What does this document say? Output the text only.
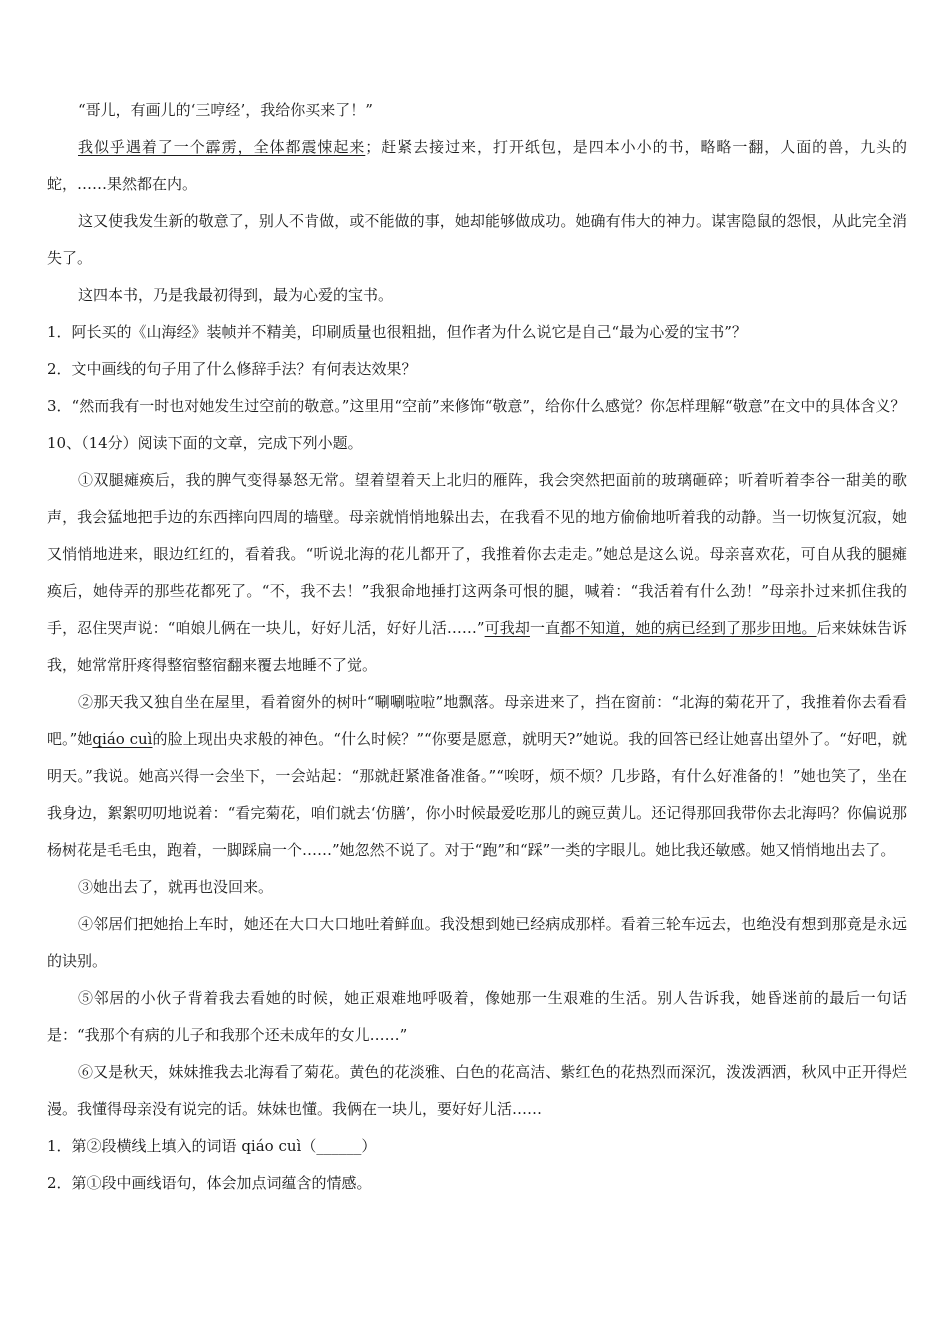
“哥儿，有画儿的‘三哼经’，我给你买来了！”

我似乎遇着了一个霹雳，全体都震悚起来；赶紧去接过来，打开纸包，是四本小小的书，略略一翻，人面的兽，九头的蛇，……果然都在内。

这又使我发生新的敬意了，别人不肯做，或不能做的事，她却能够做成功。她确有伟大的神力。谋害隐鼠的怨恨，从此完全消失了。

这四本书，乃是我最初得到，最为心爱的宝书。

1．阿长买的《山海经》装帧并不精美，印刷质量也很粗拙，但作者为什么说它是自己“最为心爱的宝书”？

2．文中画线的句子用了什么修辞手法？有何表达效果？

3．“然而我有一时也对她发生过空前的敬意。”这里用“空前”来修饰“敬意”，给你什么感觉？你怎样理解“敬意”在文中的具体含义？

10、（14分）阅读下面的文章，完成下列小题。

①双腿瘫痪后，我的脾气变得暴怒无常。望着望着天上北归的雁阵，我会突然把面前的玻璃砸碎；听着听着李谷一甜美的歌声，我会猛地把手边的东西摔向四周的墙壁。母亲就悄悄地躲出去，在我看不见的地方偷偷地听着我的动静。当一切恢复沉寂，她又悄悄地进来，眼边红红的，看着我。“听说北海的花儿都开了，我推着你去走走。”她总是这么说。母亲喜欢花，可自从我的腿瘫痪后，她侍弄的那些花都死了。“不，我不去！”我狠命地捶打这两条可恨的腿，喊着：“我活着有什么劲！”母亲扑过来抓住我的手，忍住哭声说：“咱娘儿俩在一块儿，好好儿活，好好儿活……”可我却一直都不知道，她的病已经到了那步田地。后来妹妹告诉我，她常常肝疼得整宿整宿翻来覆去地睡不了觉。

②那天我又独自坐在屋里，看着窗外的树叶“唰唰啦啦”地飘落。母亲进来了，挡在窗前：“北海的菊花开了，我推着你去看看吧。”她qiáo cuì的脸上现出央求般的神色。“什么时候？”“你要是愿意，就明天?”她说。我的回答已经让她喜出望外了。“好吧，就明天。”我说。她高兴得一会坐下，一会站起：“那就赶紧准备准备。”“唉呀，烦不烦？几步路，有什么好准备的！”她也笑了，坐在我身边，絮絮叨叨地说着：“看完菊花，咱们就去‘仿膳’，你小时候最爱吃那儿的豌豆黄儿。还记得那回我带你去北海吗？你偏说那杨树花是毛毛虫，跑着，一脚踩扁一个……”她忽然不说了。对于“跑”和“踩”一类的字眼儿。她比我还敏感。她又悄悄地出去了。

③她出去了，就再也没回来。

④邻居们把她抬上车时，她还在大口大口地吐着鲜血。我没想到她已经病成那样。看着三轮车远去，也绝没有想到那竟是永远的诀别。

⑤邻居的小伙子背着我去看她的时候，她正艰难地呼吸着，像她那一生艰难的生活。别人告诉我，她昏迷前的最后一句话是：“我那个有病的儿子和我那个还未成年的女儿……”

⑥又是秋天，妹妹推我去北海看了菊花。黄色的花淡雅、白色的花高洁、紫红色的花热烈而深沉，泼泼洒洒，秋风中正开得烂漫。我懂得母亲没有说完的话。妹妹也懂。我俩在一块儿，要好好儿活……

1．第②段横线上填入的词语 qiáo cuì（______）

2．第①段中画线语句，体会加点词蕴含的情感。
